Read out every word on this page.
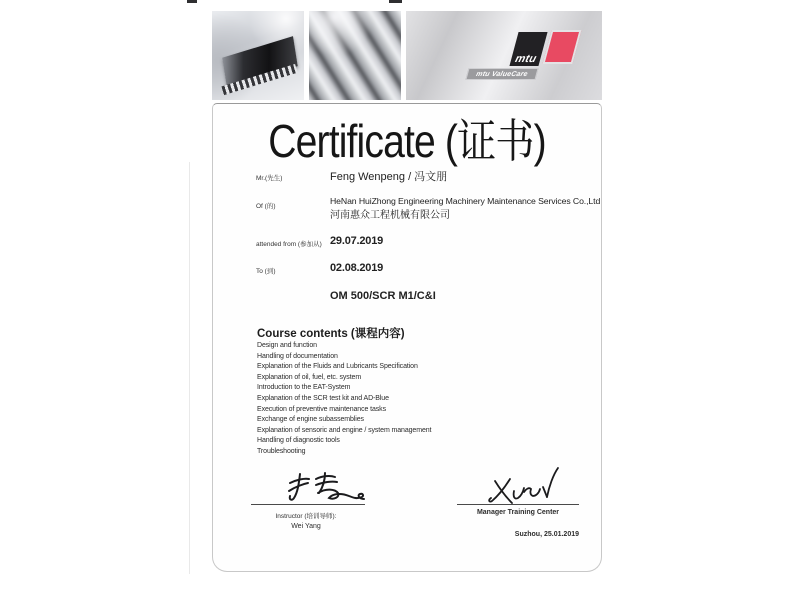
mtu
mtu ValueCare
Certificate (证书)
Mr.(先生)	Feng Wenpeng / 冯文朋
Of (的)
HeNan HuiZhong Engineering Machinery Maintenance Services Co.,Ltd
河南惠众工程机械有限公司
attended from (参加从) 29.07.2019
To (到)	02.08.2019
OM 500/SCR M1/C&I
Course contents (课程内容)
Design and function
Handling of documentation
Explanation of the Fluids and Lubricants Specification
Explanation of oil, fuel, etc. system
Introduction to the EAT-System
Explanation of the SCR test kit and AD-Blue
Execution of preventive maintenance tasks
Exchange of engine subassemblies
Explanation of sensoric and engine / system management
Handling of diagnostic tools
Troubleshooting
Instructor (培训导师):
Wei Yang
Manager Training Center
Suzhou, 25.01.2019
